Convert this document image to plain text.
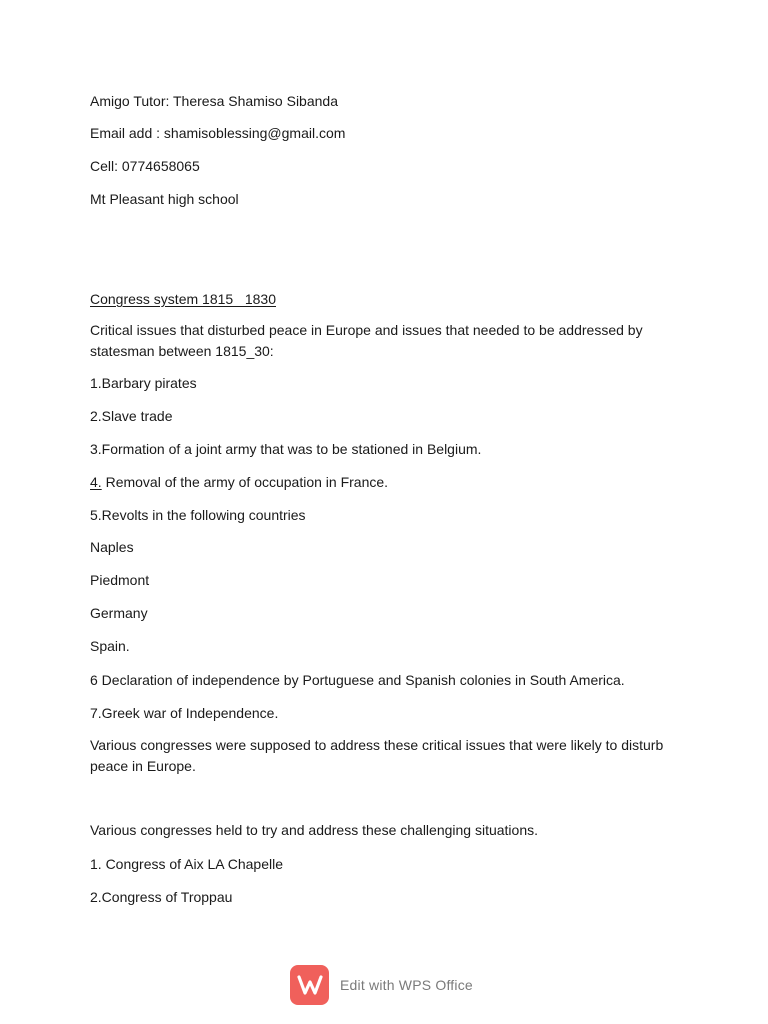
Amigo Tutor: Theresa Shamiso Sibanda
Email add : shamisoblessing@gmail.com
Cell: 0774658065
Mt Pleasant high school
Congress system 1815_ 1830
Critical issues that disturbed peace in Europe and issues that needed to be addressed by statesman between 1815_30:
1.Barbary pirates
2.Slave trade
3.Formation of a joint army that was to be stationed in Belgium.
4. Removal of the army of occupation in France.
5.Revolts in the following countries
Naples
Piedmont
Germany
Spain.
6 Declaration of independence by Portuguese and Spanish colonies in South America.
7.Greek war of Independence.
Various congresses were supposed to address these critical issues that were likely to disturb peace in Europe.
Various congresses held to try and address these challenging situations.
1. Congress of Aix LA Chapelle
2.Congress of Troppau
Edit with WPS Office
